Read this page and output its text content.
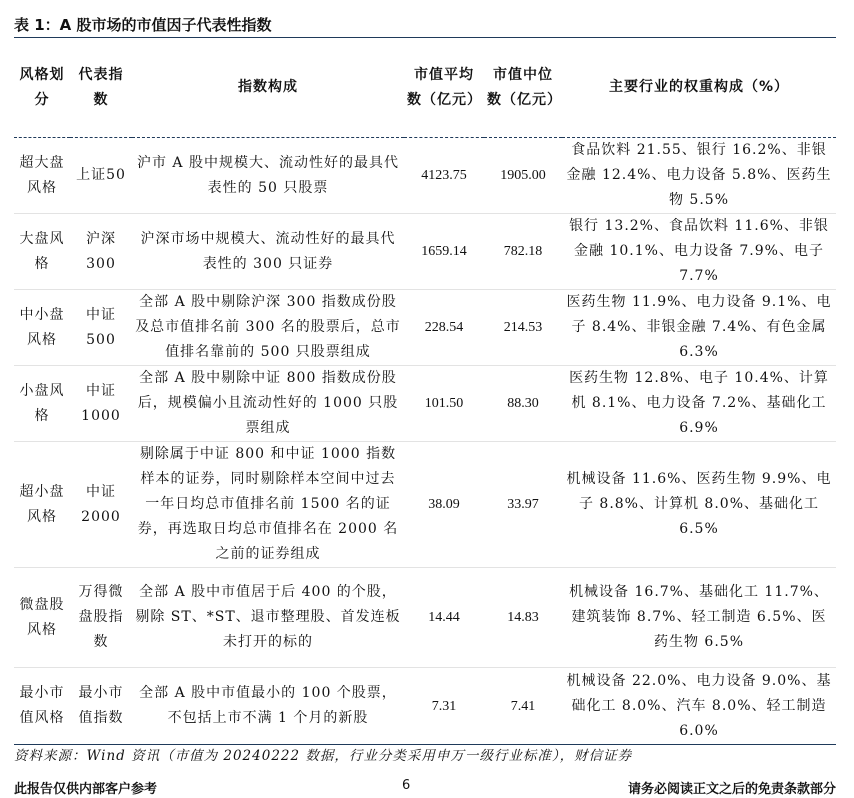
表 1：A 股市场的市值因子代表性指数
风格划分	代表指数	指数构成	市值平均数（亿元）	市值中位数（亿元）	主要行业的权重构成（%）
超大盘风格	上证50	沪市 A 股中规模大、流动性好的最具代表性的 50 只股票	4123.75	1905.00	食品饮料 21.55、银行 16.2%、非银金融 12.4%、电力设备 5.8%、医药生物 5.5%
大盘风格	沪深300	沪深市场中规模大、流动性好的最具代表性的 300 只证券	1659.14	782.18	银行 13.2%、食品饮料 11.6%、非银金融 10.1%、电力设备 7.9%、电子 7.7%
中小盘风格	中证500	全部 A 股中剔除沪深 300 指数成份股及总市值排名前 300 名的股票后，总市值排名靠前的 500 只股票组成	228.54	214.53	医药生物 11.9%、电力设备 9.1%、电子 8.4%、非银金融 7.4%、有色金属 6.3%
小盘风格	中证1000	全部 A 股中剔除中证 800 指数成份股后，规模偏小且流动性好的 1000 只股票组成	101.50	88.30	医药生物 12.8%、电子 10.4%、计算机 8.1%、电力设备 7.2%、基础化工 6.9%
超小盘风格	中证2000	剔除属于中证 800 和中证 1000 指数样本的证券，同时剔除样本空间中过去一年日均总市值排名前 1500 名的证券，再选取日均总市值排名在 2000 名之前的证券组成	38.09	33.97	机械设备 11.6%、医药生物 9.9%、电子 8.8%、计算机 8.0%、基础化工 6.5%
微盘股风格	万得微盘股指数	全部 A 股中市值居于后 400 的个股，剔除 ST、*ST、退市整理股、首发连板未打开的标的	14.44	14.83	机械设备 16.7%、基础化工 11.7%、建筑装饰 8.7%、轻工制造 6.5%、医药生物 6.5%
最小市值风格	最小市值指数	全部 A 股中市值最小的 100 个股票，不包括上市不满 1 个月的新股	7.31	7.41	机械设备 22.0%、电力设备 9.0%、基础化工 8.0%、汽车 8.0%、轻工制造 6.0%
资料来源：Wind 资讯（市值为 20240222 数据，行业分类采用申万一级行业标准），财信证券
此报告仅供内部客户参考	6	请务必阅读正文之后的免责条款部分
